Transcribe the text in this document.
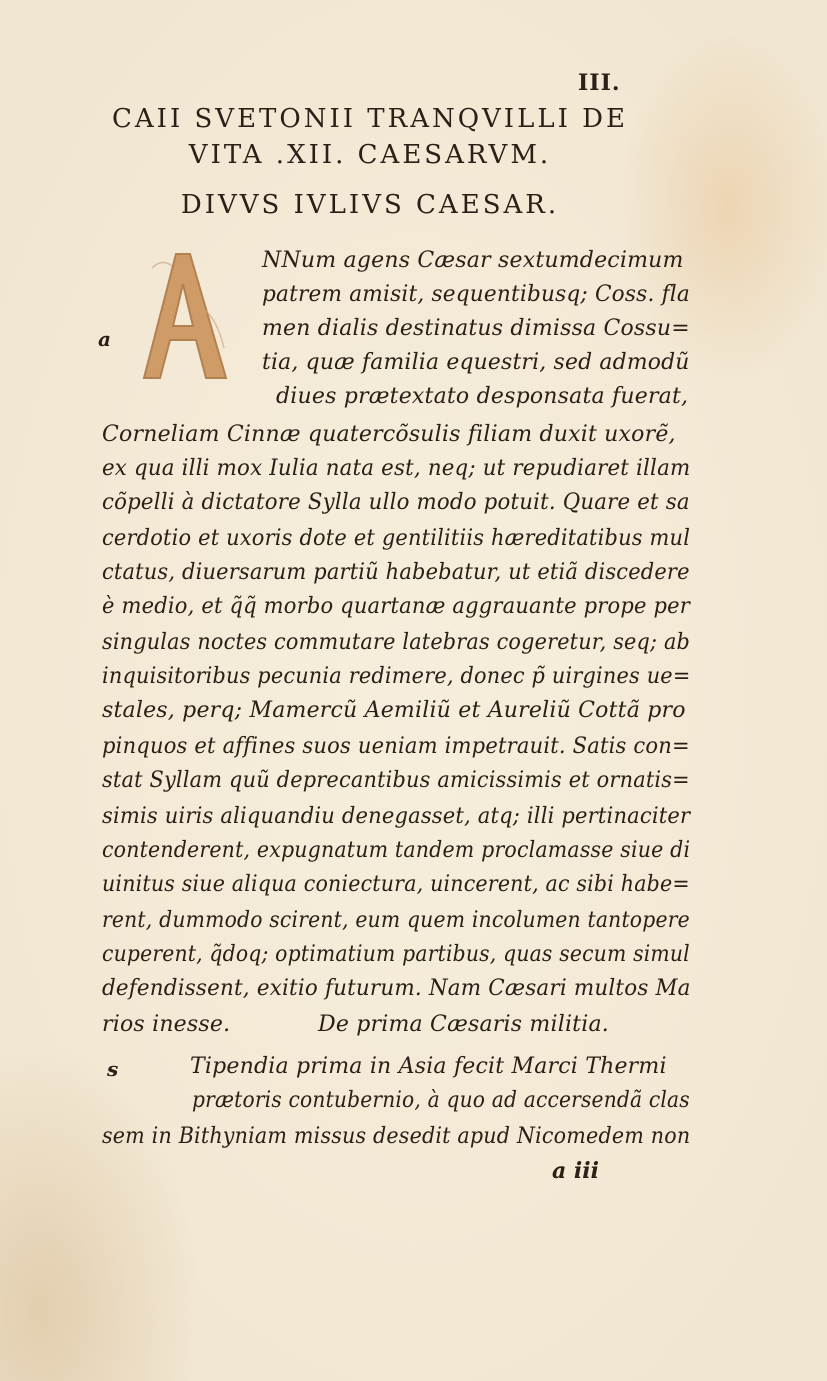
III.
CAII SVETONII TRANQVILLI DE
VITA .XII. CAESARVM.
DIVVS IVLIVS CAESAR.
a
s
NNum agens Cæsar sextumdecimum
patrem amisit, sequentibusq; Coss. fla
men dialis destinatus dimissa Cossu=
tia, quæ familia equestri, sed admodũ
diues prætextato desponsata fuerat,
Corneliam Cinnæ quatercõsulis filiam duxit uxorẽ,
ex qua illi mox Iulia nata est, neq; ut repudiaret illam
cõpelli à dictatore Sylla ullo modo potuit. Quare et sa
cerdotio et uxoris dote et gentilitiis hæreditatibus mul
ctatus, diuersarum partiũ habebatur, ut etiã discedere
è medio, et q̃q̃ morbo quartanæ aggrauante prope per
singulas noctes commutare latebras cogeretur, seq; ab
inquisitoribus pecunia redimere, donec p̃ uirgines ue=
stales, perq; Mamercũ Aemiliũ et Aureliũ Cottã pro
pinquos et affines suos ueniam impetrauit. Satis con=
stat Syllam quũ deprecantibus amicissimis et ornatis=
simis uiris aliquandiu denegasset, atq; illi pertinaciter
contenderent, expugnatum tandem proclamasse siue di
uinitus siue aliqua coniectura, uincerent, ac sibi habe=
rent, dummodo scirent, eum quem incolumen tantopere
cuperent, q̃doq; optimatium partibus, quas secum simul
defendissent, exitio futurum. Nam Cæsari multos Ma
rios inesse.	De prima Cæsaris militia.
Tipendia prima in Asia fecit Marci Thermi
prætoris contubernio, à quo ad accersendã clas
sem in Bithyniam missus desedit apud Nicomedem non
a iii
